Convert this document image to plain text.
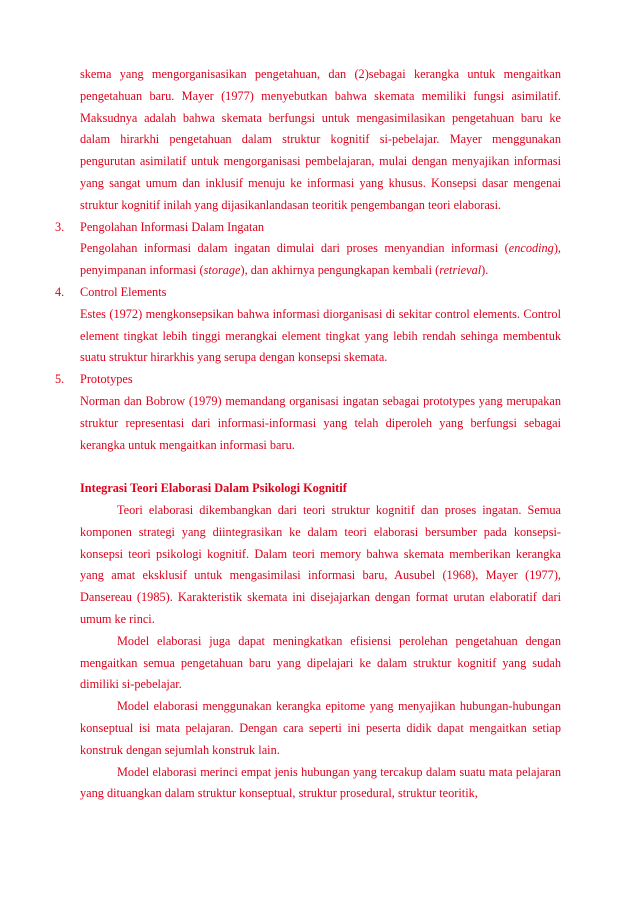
skema yang mengorganisasikan pengetahuan, dan (2)sebagai kerangka untuk mengaitkan pengetahuan baru. Mayer (1977) menyebutkan bahwa skemata memiliki fungsi asimilatif. Maksudnya adalah bahwa skemata berfungsi untuk mengasimilasikan pengetahuan baru ke dalam hirarkhi pengetahuan dalam struktur kognitif si-pebelajar. Mayer menggunakan pengurutan asimilatif untuk mengorganisasi pembelajaran, mulai dengan menyajikan informasi yang sangat umum dan inklusif menuju ke informasi yang khusus. Konsepsi dasar mengenai struktur kognitif inilah yang dijasikanlandasan teoritik pengembangan teori elaborasi.

3. Pengolahan Informasi Dalam Ingatan

Pengolahan informasi dalam ingatan dimulai dari proses menyandian informasi (encoding), penyimpanan informasi (storage), dan akhirnya pengungkapan kembali (retrieval).

4. Control Elements

Estes (1972) mengkonsepsikan bahwa informasi diorganisasi di sekitar control elements. Control element tingkat lebih tinggi merangkai element tingkat yang lebih rendah sehinga membentuk suatu struktur hirarkhis yang serupa dengan konsepsi skemata.

5. Prototypes

Norman dan Bobrow (1979) memandang organisasi ingatan sebagai prototypes yang merupakan struktur representasi dari informasi-informasi yang telah diperoleh yang berfungsi sebagai kerangka untuk mengaitkan informasi baru.

Integrasi Teori Elaborasi Dalam Psikologi Kognitif

Teori elaborasi dikembangkan dari teori struktur kognitif dan proses ingatan. Semua komponen strategi yang diintegrasikan ke dalam teori elaborasi bersumber pada konsepsi-konsepsi teori psikologi kognitif. Dalam teori memory bahwa skemata memberikan kerangka yang amat eksklusif untuk mengasimilasi informasi baru, Ausubel (1968), Mayer (1977), Dansereau (1985). Karakteristik skemata ini disejajarkan dengan format urutan elaboratif dari umum ke rinci.

Model elaborasi juga dapat meningkatkan efisiensi perolehan pengetahuan dengan mengaitkan semua pengetahuan baru yang dipelajari ke dalam struktur kognitif yang sudah dimiliki si-pebelajar.

Model elaborasi menggunakan kerangka epitome yang menyajikan hubungan-hubungan konseptual isi mata pelajaran. Dengan cara seperti ini peserta didik dapat mengaitkan setiap konstruk dengan sejumlah konstruk lain.

Model elaborasi merinci empat jenis hubungan yang tercakup dalam suatu mata pelajaran yang dituangkan dalam struktur konseptual, struktur prosedural, struktur teoritik,
